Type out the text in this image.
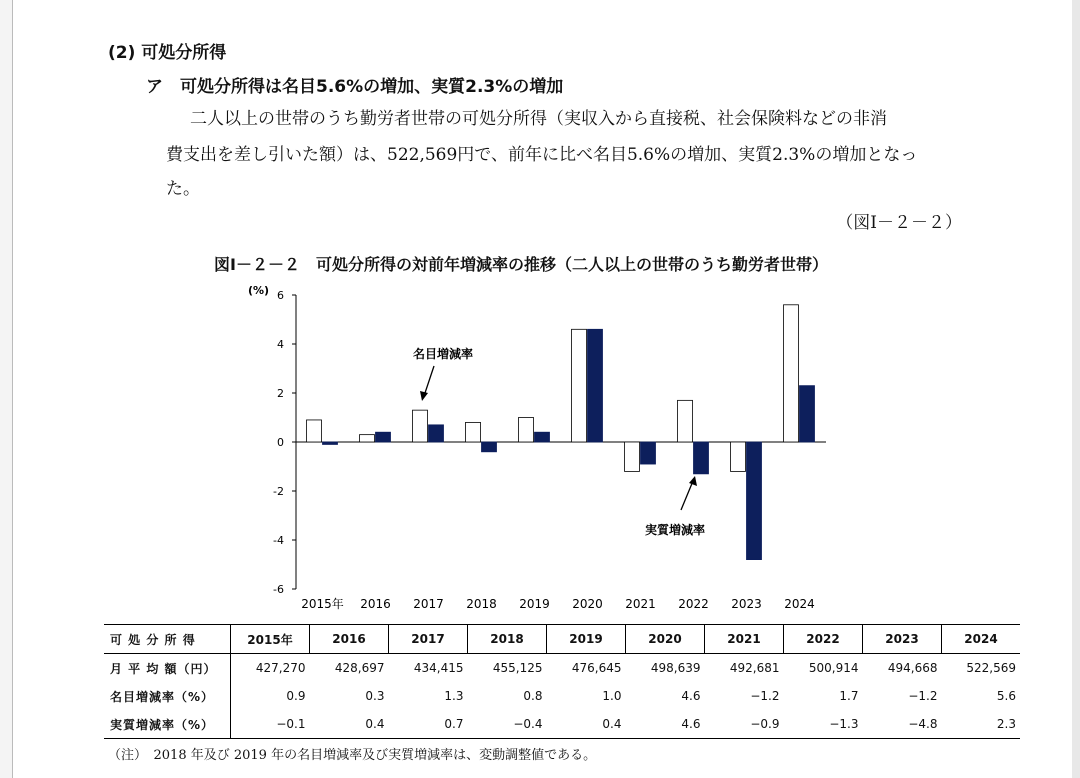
(2) 可処分所得
ア　可処分所得は名目5.6%の増加、実質2.3%の増加
二人以上の世帯のうち勤労者世帯の可処分所得（実収入から直接税、社会保険料などの非消
費支出を差し引いた額）は、522,569円で、前年に比べ名目5.6%の増加、実質2.3%の増加となっ
た。
（図Ⅰ－２－２）
図Ⅰ－２－２　可処分所得の対前年増減率の推移（二人以上の世帯のうち勤労者世帯）
-6
-4
-2
0
2
4
6
2015年 2016 2017 2018 2019 2020 2021 2022 2023 2024
(%)
名目増減率
実質増減率
可 処 分 所 得	2015年	2016	2017	2018	2019	2020	2021	2022	2023	2024
月 平 均 額（円）	427,270	428,697	434,415	455,125	476,645	498,639	492,681	500,914	494,668	522,569
名目増減率（%）	0.9	0.3	1.3	0.8	1.0	4.6	−1.2	1.7	−1.2	5.6
実質増減率（%）	−0.1	0.4	0.7	−0.4	0.4	4.6	−0.9	−1.3	−4.8	2.3
（注）　2018 年及び 2019 年の名目増減率及び実質増減率は、変動調整値である。
